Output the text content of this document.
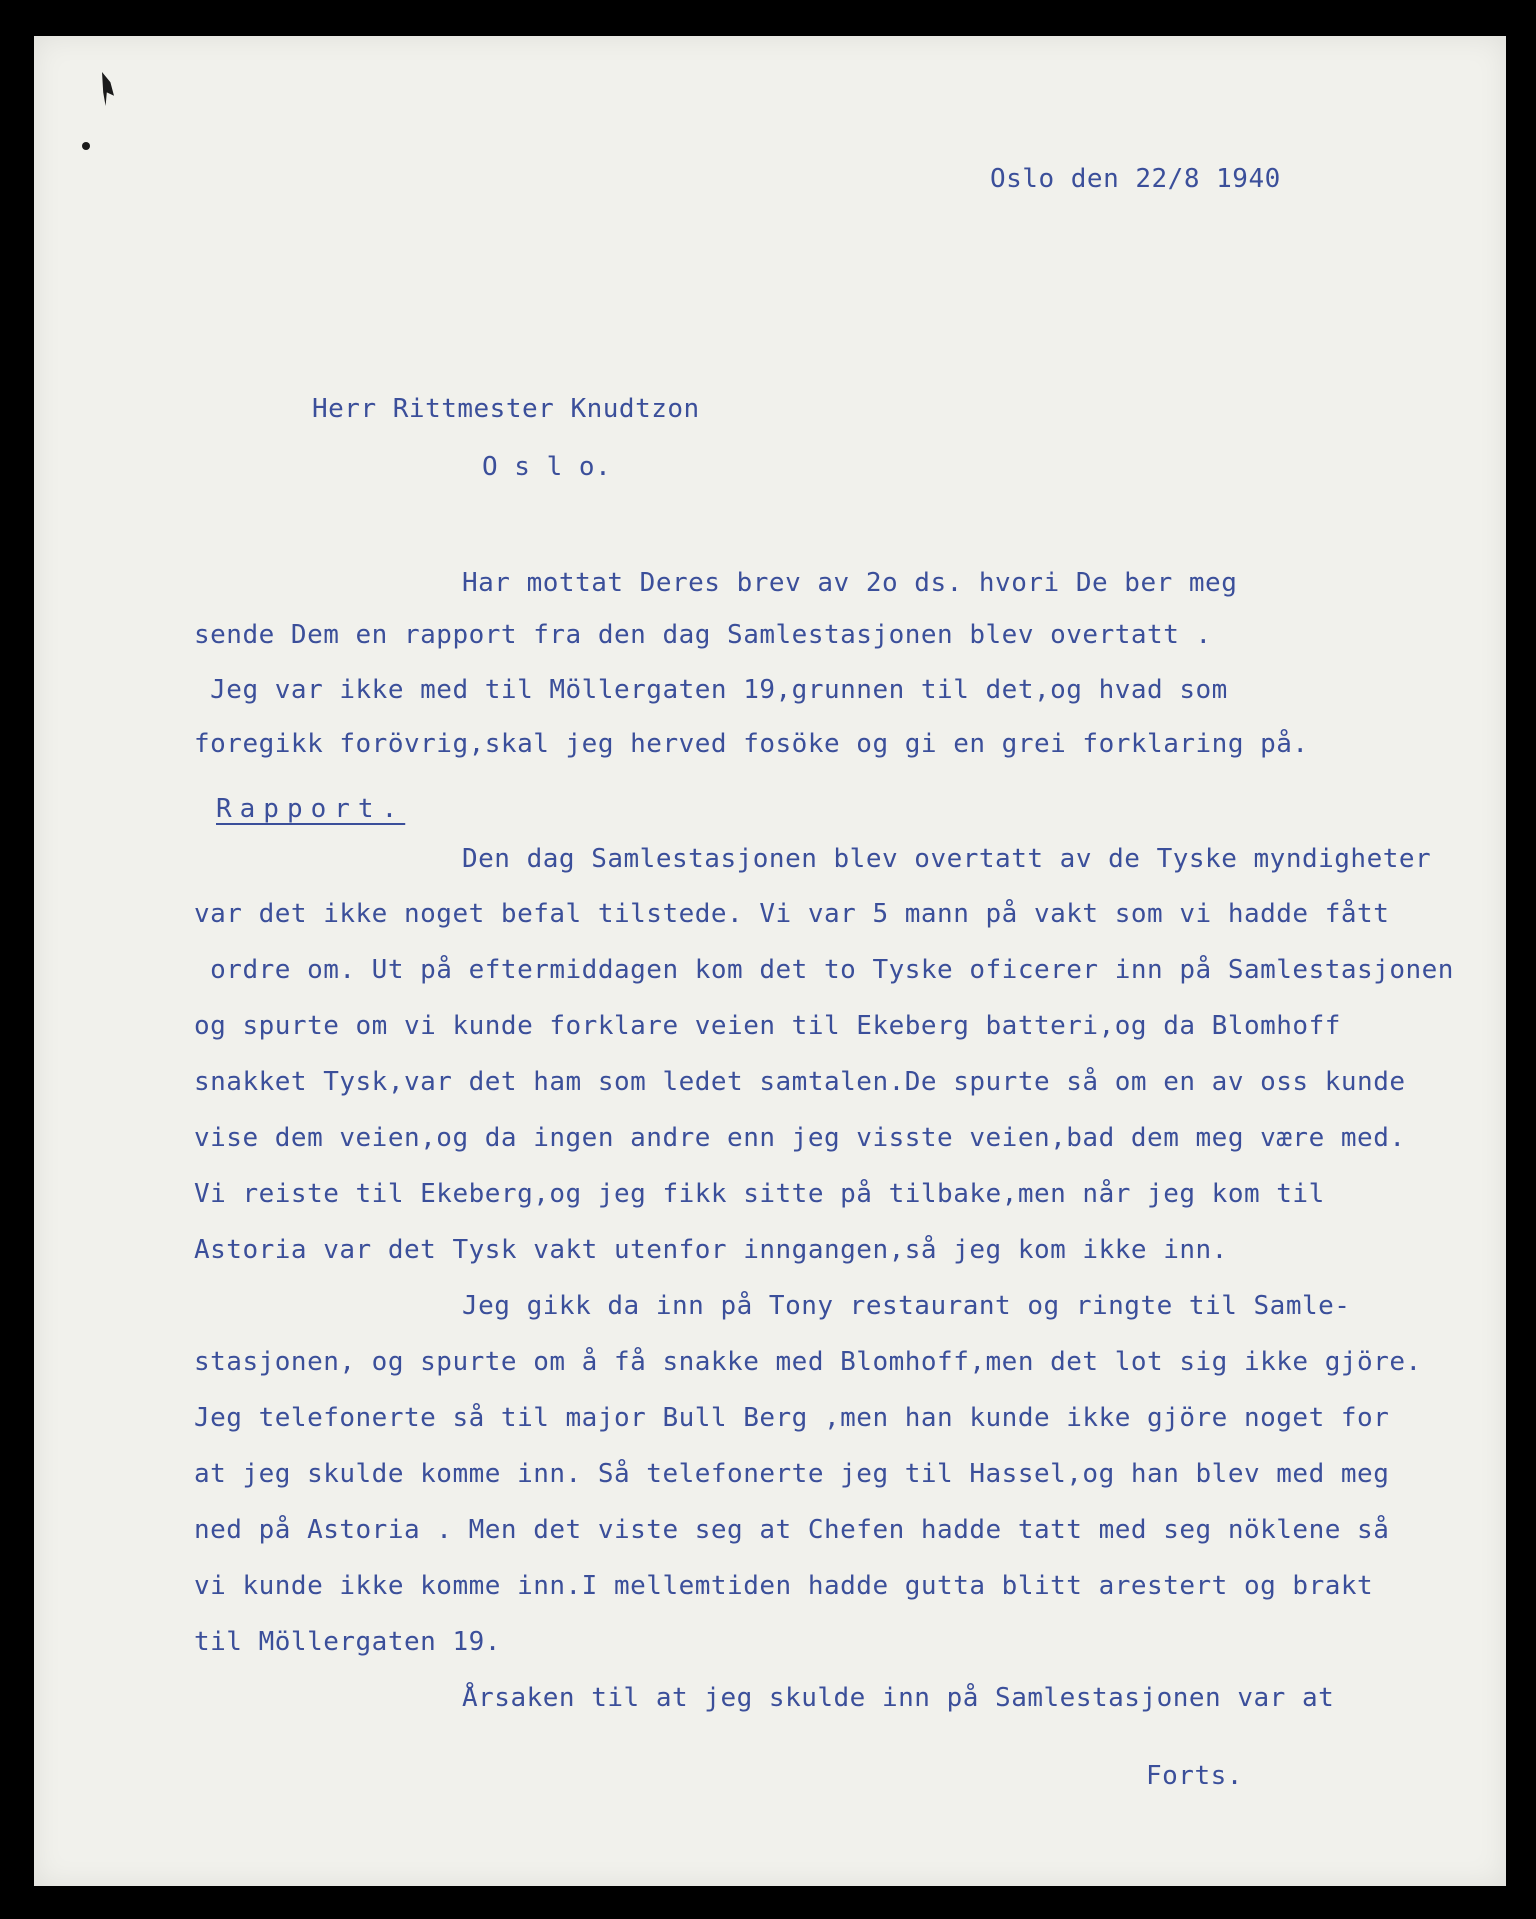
Oslo den 22/8 1940

Herr Rittmester Knudtzon

O s l o.

Har mottat Deres brev av 2o ds. hvori De ber meg

sende Dem en rapport fra den dag Samlestasjonen blev overtatt .

Jeg var ikke med til Möllergaten 19,grunnen til det,og hvad som

foregikk forövrig,skal jeg herved fosöke og gi en grei forklaring på.

Rapport.

Den dag Samlestasjonen blev overtatt av de Tyske myndigheter

var det ikke noget befal tilstede. Vi var 5 mann på vakt som vi hadde fått

ordre om. Ut på eftermiddagen kom det to Tyske oficerer inn på Samlestasjonen

og spurte om vi kunde forklare veien til Ekeberg batteri,og da Blomhoff

snakket Tysk,var det ham som ledet samtalen.De spurte så om en av oss kunde

vise dem veien,og da ingen andre enn jeg visste veien,bad dem meg være med.

Vi reiste til Ekeberg,og jeg fikk sitte på tilbake,men når jeg kom til

Astoria var det Tysk vakt utenfor inngangen,så jeg kom ikke inn.

Jeg gikk da inn på Tony restaurant og ringte til Samle-

stasjonen, og spurte om å få snakke med Blomhoff,men det lot sig ikke gjöre.

Jeg telefonerte så til major Bull Berg ,men han kunde ikke gjöre noget for

at jeg skulde komme inn. Så telefonerte jeg til Hassel,og han blev med meg

ned på Astoria . Men det viste seg at Chefen hadde tatt med seg nöklene så

vi kunde ikke komme inn.I mellemtiden hadde gutta blitt arestert og brakt

til Möllergaten 19.

Årsaken til at jeg skulde inn på Samlestasjonen var at

Forts.
